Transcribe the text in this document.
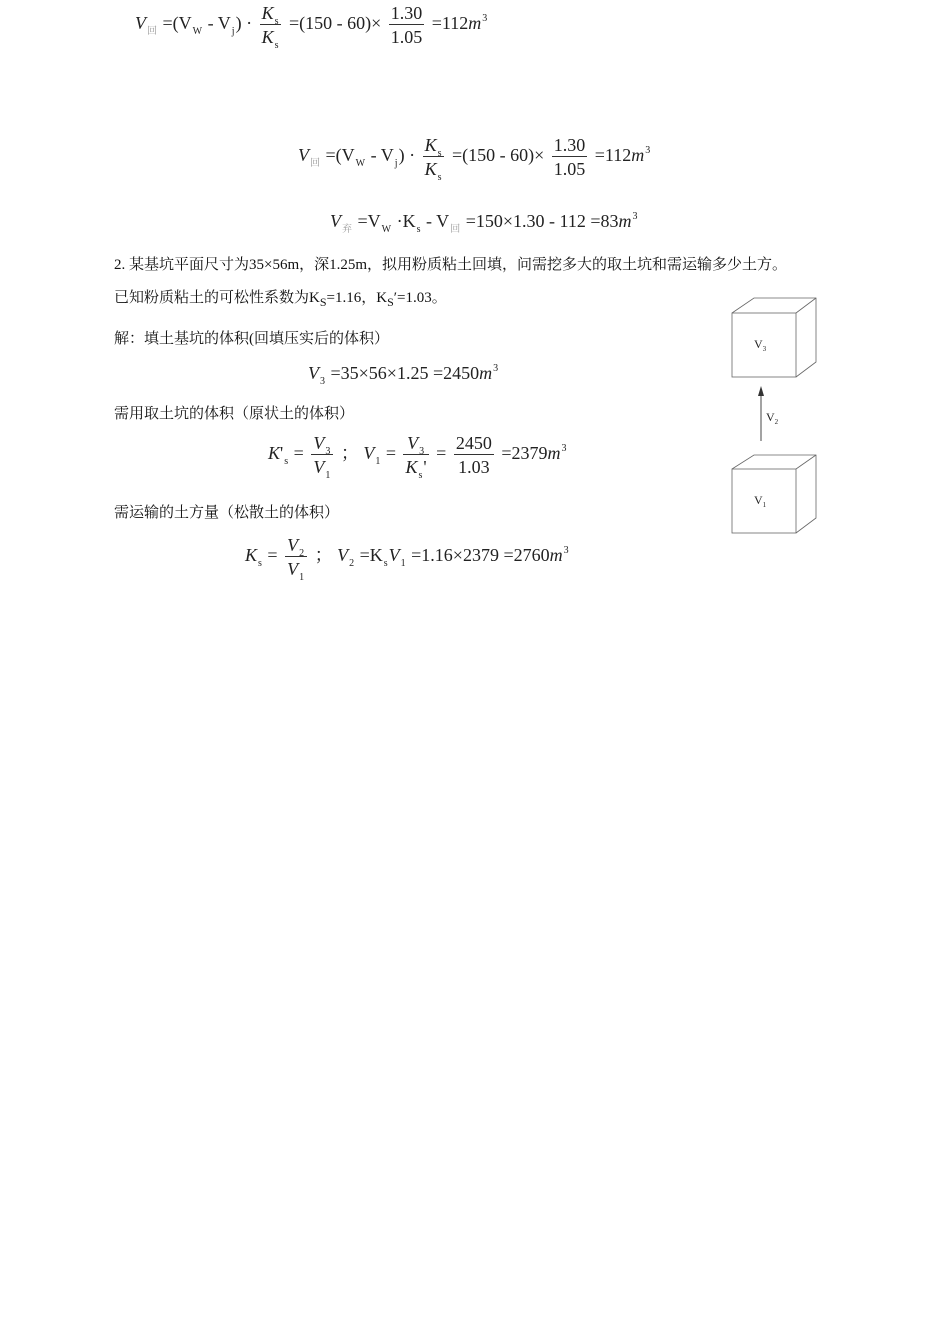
$V_回 =(V_W - V_j) \cdot \frac{K_s}{K_s} =(150 - 60)\times \frac{1.30}{1.05} =112m^3$
$V_回 =(V_W - V_j) \cdot \frac{K_s}{K_s} =(150 - 60)\times \frac{1.30}{1.05} =112m^3$
$V_弃 =V_W \cdot K_s - V_回 =150\times 1.30 - 112 =83m^3$
2. 某基坑平面尺寸为35×56m，深1.25m，拟用粉质粘土回填，问需挖多大的取土坑和需运输多少土方。
已知粉质粘土的可松性系数为$K_S=1.16$，$K_S'=1.03$。
解：填土基坑的体积(回填压实后的体积）
$V_3 =35\times 56\times 1.25 =2450m^3$
需用取土坑的体积（原状土的体积）
$K'_s = \frac{V_3}{V_1}$ ； $V_1 = \frac{V_3}{K_s'} = \frac{2450}{1.03} =2379m^3$
需运输的土方量（松散土的体积）
$K_s = \frac{V_2}{V_1}$ ； $V_2 =K_sV_1 =1.16\times 2379 =2760m^3$
$V_3$
$V_2$
$V_1$
